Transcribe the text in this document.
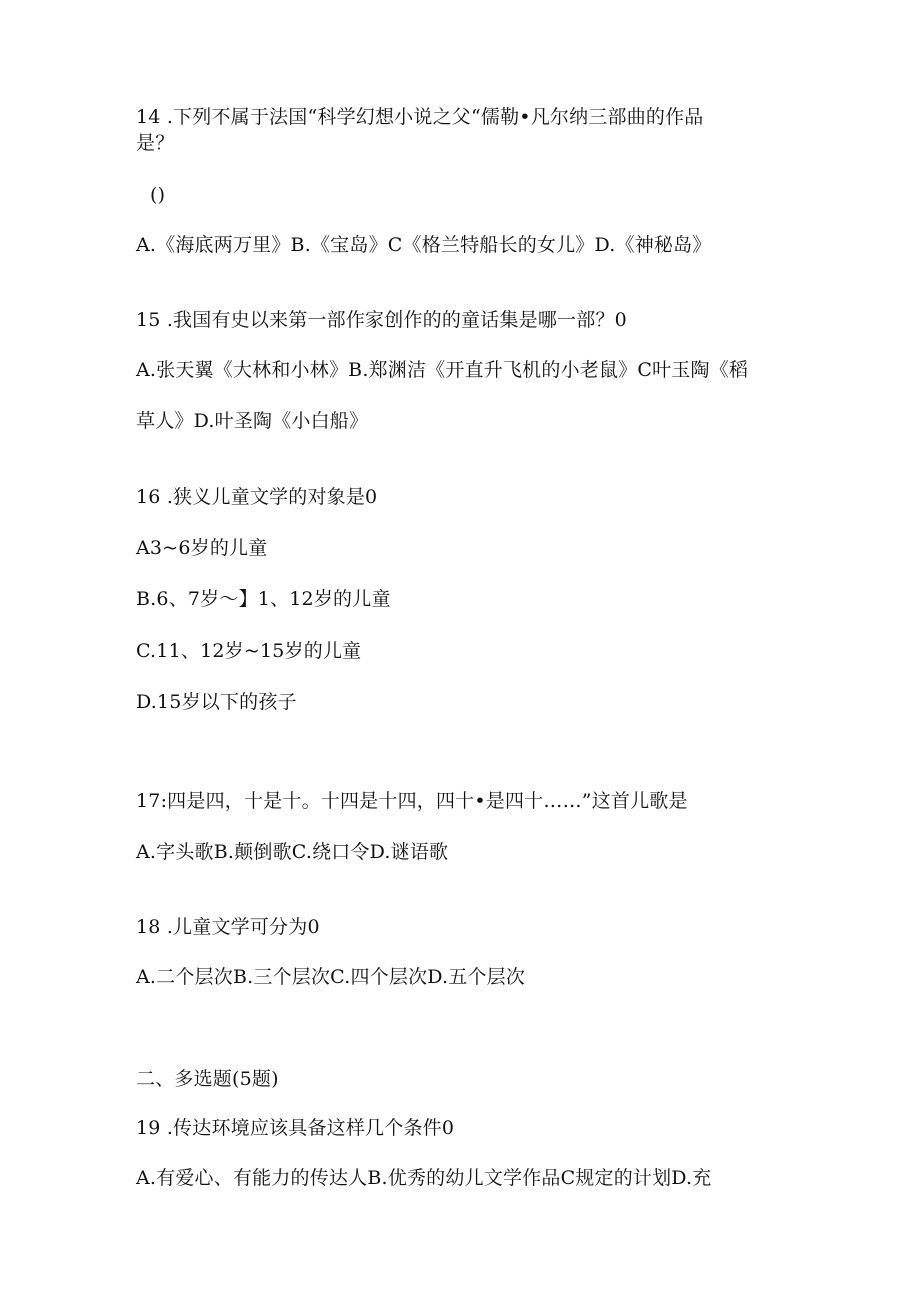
14 .下列不属于法国“科学幻想小说之父“儒勒•凡尔纳三部曲的作品
是？
()
A.《海底两万里》B.《宝岛》C《格兰特船长的女儿》D.《神秘岛》
15 .我国有史以来第一部作家创作的的童话集是哪一部？0
A.张天翼《大林和小林》B.郑渊洁《开直升飞机的小老鼠》C叶玉陶《稻
草人》D.叶圣陶《小白船》
16 .狭义儿童文学的对象是0
A3~6岁的儿童
B.6、7岁～】1、12岁的儿童
C.11、12岁~15岁的儿童
D.15岁以下的孩子
17:四是四，十是十。十四是十四，四十•是四十……”这首儿歌是
A.字头歌B.颠倒歌C.绕口令D.谜语歌
18 .儿童文学可分为0
A.二个层次B.三个层次C.四个层次D.五个层次
二、多选题(5题)
19 .传达环境应该具备这样几个条件0
A.有爱心、有能力的传达人B.优秀的幼儿文学作品C规定的计划D.充
